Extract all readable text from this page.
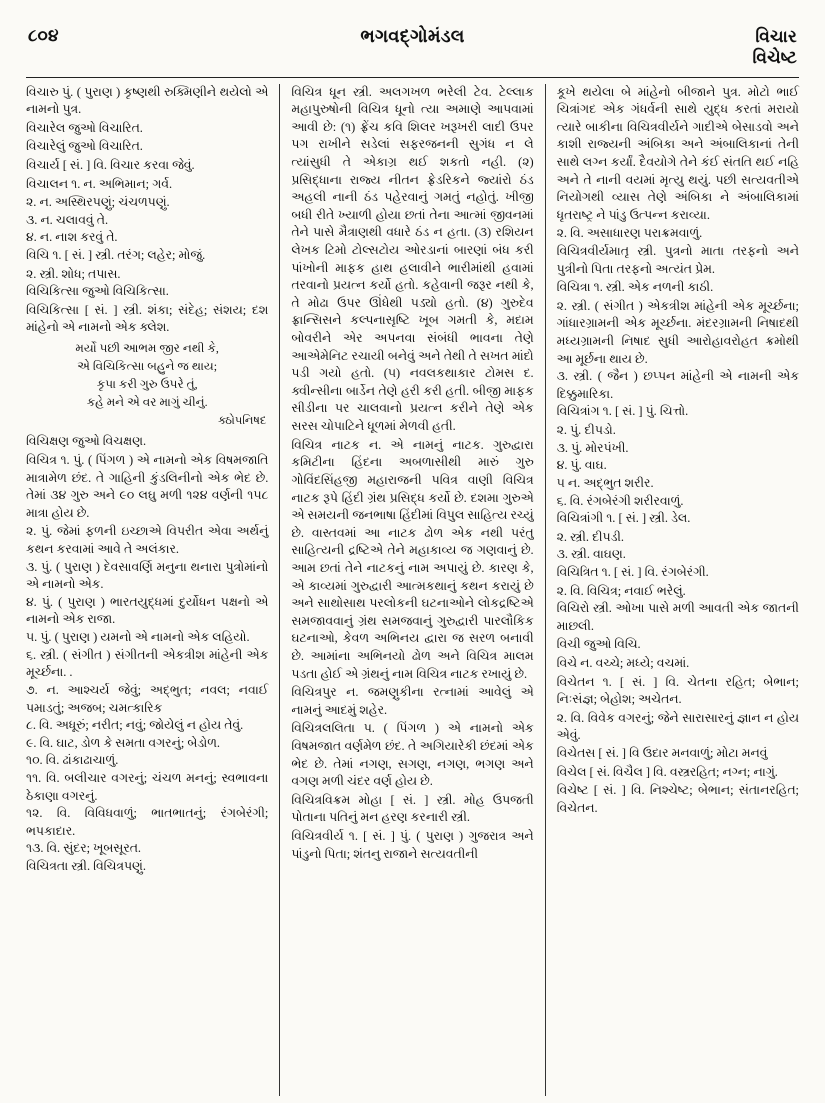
૮૦૪	ભગવદ્ગોમંડલ	વિચાર
વિચેષ્ટ

વિચારુ પું. ( પુરાણ ) કૃષ્ણથી રુક્મિણીને થયેલો એ નામનો પુત્ર.

વિચારેલ જુઓ વિચારિત.

વિચારેલું જુઓ વિચારિત.

વિચાર્ય [ સં. ] વિ. વિચાર કરવા જેવું.

વિચાલન ૧. ન. અભિમાન; ગર્વ.

૨. ન. અસ્થિરપણું; ચંચળપણું.

૩. ન. ચલાવવું તે.

૪. ન. નાશ કરવું તે.

વિચિ ૧. [ સં. ] સ્ત્રી. તરંગ; લહેર; મોજું.

૨. સ્ત્રી. શોધ; તપાસ.

વિચિકિત્સા જુઓ વિચિકિત્સા.

વિચિકિત્સા [ સં. ] સ્ત્રી. શંકા; સંદેહ; સંશય; દશ માંહેનો એ નામનો એક ક્લેશ.

મર્યો પછી આભમ જીર નથી કે,
એ વિચિકિત્સા બહુને જ થાય;
કૃપા કરી ગુરુ ઉપરે તું,
કહે મને એ વર માગું ચીનું.
ક્ઠોપનિષદ

વિચિક્ષણ જુઓ વિચક્ષણ.

વિચિત્ર ૧. પું. ( પિંગળ ) એ નામનો એક વિષમજાતિ માત્રામેળ છંદ. તે ગાહિની કુંડલિનીનો એક ભેદ છે. તેમાં ૩૪ ગુરુ અને ૯૦ લઘુ મળી ૧૨૪ વર્ણની ૧૫૮ માત્રા હોય છે.

૨. પું. જેમાં ફળની ઇચ્છાએ વિપરીત એવા અર્થનું કથન કરવામાં આવે તે અલંકાર.

૩. પું. ( પુરાણ ) દેવસાવર્ણિ મનુના થનારા પુત્રોમાંનો એ નામનો એક.

૪. પું. ( પુરાણ ) ભારતયુદ્ધમાં દુર્યોધન પક્ષનો એ નામનો એક રાજા.

૫. પું. ( પુરાણ ) યમનો એ નામનો એક લહિયો.

૬. સ્ત્રી. ( સંગીત ) સંગીતની એકત્રીશ માંહેની એક મૂર્ચ્છના. .

૭. ન. આશ્ચર્ય જેવું; અદ્‌ભુત; નવલ; નવાઈ પમાડતું; અજબ; ચમત્કારિક

૮. વિ. અધૂરું; નરીત; નવું; જોયેલું ન હોય તેવું.

૯. વિ. ઘાટ, ડોળ કે સમતા વગરનું; બેડોળ.

૧૦. વિ. ઢાંકાઢાચાળું.

૧૧. વિ. બલીચાર વગરનું; ચંચળ મનનું; સ્વભાવના ઠેકાણા વગરનું.

૧૨. વિ. વિવિધવાળું; ભાતભાતનું; રંગબેરંગી; ભપકાદાર.

૧૩. વિ. સુંદર; ખૂબસૂરત.

વિચિત્રતા સ્ત્રી. વિચિત્રપણું.

વિચિત્ર ધૂન સ્ત્રી. અલગખળ ભરેલી ટેવ. ટેલ્લાક મહાપુરુષોની વિચિત્ર ધૂનો ત્યા અમાણે આપવામાં આવી છે: (૧) ફ્રેંચ કવિ શિલર ખરૂખરી લાદી ઉપર પગ રાખીને સડેલાં સફરજનની સુગંધ ન લે ત્યાંસુધી તે એકાગ્ર થઈ શકતો નહી. (૨) પ્રસિદ્ધાના રાજ્ય નીતન ફ્રેડરિકને જ્યાંરો ઠંડ અહલી નાની ઠંડ પહેરવાનું ગમતું નહોતું. ખીજી બધી રીતે ખ્યાળી હોયા છતાં તેના આત્માં જીવનમાં તેને પાસે મૈત્રાણથી વધારે ઠંડ ન હતા. (૩) રશિયન લેખક ટિમો ટોલ્સટોય ઓરડાનાં બારણાં બંધ કરી પાંખોની માફક હાથ હલાવીને ભારીમાંથી હવામાં તરવાનો પ્રયત્ન કર્યો હતો. કહેવાની જરૂર નથી કે, તે મોઢા ઉપર ઊંધેથી પડ્યો હતો. (૪) ગુરુદેવ ફ્રાન્સિસને કલ્પનાસૃષ્ટિ ખૂબ ગમતી કે, મદામ બોવરીને એર અપનવા સંબંધી ભાવના તેણે આએમેનિટ રચાયી બનેવું અને તેથી તે સખત માંદો પડી ગયો હતો. (૫) નવલકથાકાર ટોમસ દ. ક્વીન્સીના બાર્ડેન તેણે હરી કરી હતી. બીજી માફક સીડીના પર ચાલવાનો પ્રયત્ન કરીને તેણે એક સરસ ચોપાટિને ધૂળમાં મેળવી હતી.

વિચિત્ર નાટક ન. એ નામનું નાટક. ગુરુદ્વારા કમિટીના હિંદના અબળાસીથી મારું ગુરુ ગોવિંદસિંહજી મહારાજની પવિત્ર વાણી વિચિત્ર નાટક રૂપે હિંદી ગ્રંથ પ્રસિદ્ધ કર્યો છે. દશમા ગુરુએ એ સમયની જનભાષા હિંદીમાં વિપુલ સાહિત્ય રચ્યું છે. વાસ્તવમાં આ નાટક ઢોળ એક નથી પરંતુ સાહિત્યની દ્રષ્ટિએ તેને મહાકાવ્ય જ ગણવાનું છે. આમ છતાં તેને નાટકનું નામ અપાયું છે. કારણ કે, એ કાવ્યમાં ગુરુદ્વારી આત્મકથાનું કથન કરાયું છે અને સાથોસાથ પરલોકની ઘટનાઓને લોકદ્રષ્ટિએ સમજાવવાનું ગ્રંથ સમજવાનું ગુરુદ્વારી પારલૌકિક ઘટનાઓ, કેવળ અભિનય દ્વારા જ સરળ બનાવી છે. આમાંના અભિનયો ઢોળ અને વિચિત્ર માલમ પડતા હોઈ એ ગ્રંથનું નામ વિચિત્ર નાટક રખાયું છે.

વિચિત્રપુર ન. જમણુકીના રત્નામાં આવેલું એ નામનું આદમું શહેર.

વિચિત્રલલિતા પ. ( પિંગળ ) એ નામનો એક વિષમજાત વર્ણમેળ છંદ. તે અગિયારેકી છંદમાં એક ભેદ છે. તેમાં નગણ, સગણ, નગણ, ભગણ અને વગણ મળી ચંદર વર્ણ હોય છે.

વિચિત્રવિક્રમ મોહા [ સં. ] સ્ત્રી. મોહ ઉપજતી પોતાના પતિનું મન હરણ કરનારી સ્ત્રી.

વિચિત્રવીર્ય ૧. [ સં. ] પું. ( પુરાણ ) ગુજરાત્ર અને પાંડુનો પિતા; શંતનુ રાજાને સત્યવતીની

કૂખે થયેલા બે માંહેનો બીજાને પુત્ર. મોટો ભાઈ ચિત્રાંગદ એક ગંધર્વની સાથે યુદ્ધ કરતાં મરાયો ત્યારે બાકીના વિચિત્રવીર્યને ગાદીએ બેસાડવો અને કાશી રાજ્યની અંબિકા અને અંબાલિકાનાં તેની સાથે લગ્ન કર્યાં. દૈવયોગે તેને કંઈ સંતતિ થઈ નહિ અને તે નાની વયમાં મૃત્યુ થયું. પછી સત્યવતીએ નિયોગથી વ્યાસ તેણે અંબિકા ને અંબાલિકામાં ધૃતરાષ્ટ્ર ને પાંડુ ઉત્પન્ન કરાવ્યા.

૨. વિ. અસાધારણ પરાક્રમવાળું.

વિચિત્રવીર્યમાતૃ સ્ત્રી. પુત્રનો માતા તરફનો અને પુત્રીનો પિતા તરફનો અત્યંત પ્રેમ.

વિચિત્રા ૧. સ્ત્રી. એક નળની કાઠી.

૨. સ્ત્રી. ( સંગીત ) એકત્રીશ માંહેની એક મૂર્ચ્છના; ગાંધારગ્રામની એક મૂર્ચ્છના. મંદરગ્રામની નિષાદથી મધ્યગ્રામની નિષાદ સુધી આરોહાવરોહત ક્રમોથી આ મૂર્છના થાય છે.

૩. સ્ત્રી. ( જૈન ) છપ્પન માંહેની એ નામની એક દિક્કુમારિકા.

વિચિત્રાંગ ૧. [ સં. ] પું. ચિત્તો.

૨. પું. દીપડો.

૩. પું. મોરપંખી.

૪. પું. વાઘ.

૫ ન. અદ્‌ભુત શરીર.

૬. વિ. રંગબેરંગી શરીરવાળું.

વિચિત્રાંગી ૧. [ સં. ] સ્ત્રી. ડેલ.

૨. સ્ત્રી. દીપડી.

૩. સ્ત્રી. વાઘણ.

વિચિત્રિત ૧. [ સં. ] વિ. રંગબેરંગી.

૨. વિ. વિચિત્ર; નવાઈ ભરેલું.

વિચિરો સ્ત્રી. ઓખા પાસે મળી આવતી એક જાતની માછલી.

વિચી જુઓ વિચિ.

વિચે ન. વચ્ચે; મધ્યે; વચમાં.

વિચેતન ૧. [ સં. ] વિ. ચેતના રહિત; બેભાન; નિઃસંજ્ઞ; બેહોશ; અચેતન.

૨. વિ. વિવેક વગરનું; જેને સારાસારનું જ્ઞાન ન હોય એવું.

વિચેતસ [ સં. ] વિ ઉદાર મનવાળું; મોટા મનવું

વિચેલ [ સં. વિચૈલ ] વિ. વસ્ત્રરહિત; નગ્ન; નાગું.

વિચેષ્ટ [ સં. ] વિ. નિશ્ચેષ્ટ; બેભાન; સંતાનરહિત; વિચેતન.
